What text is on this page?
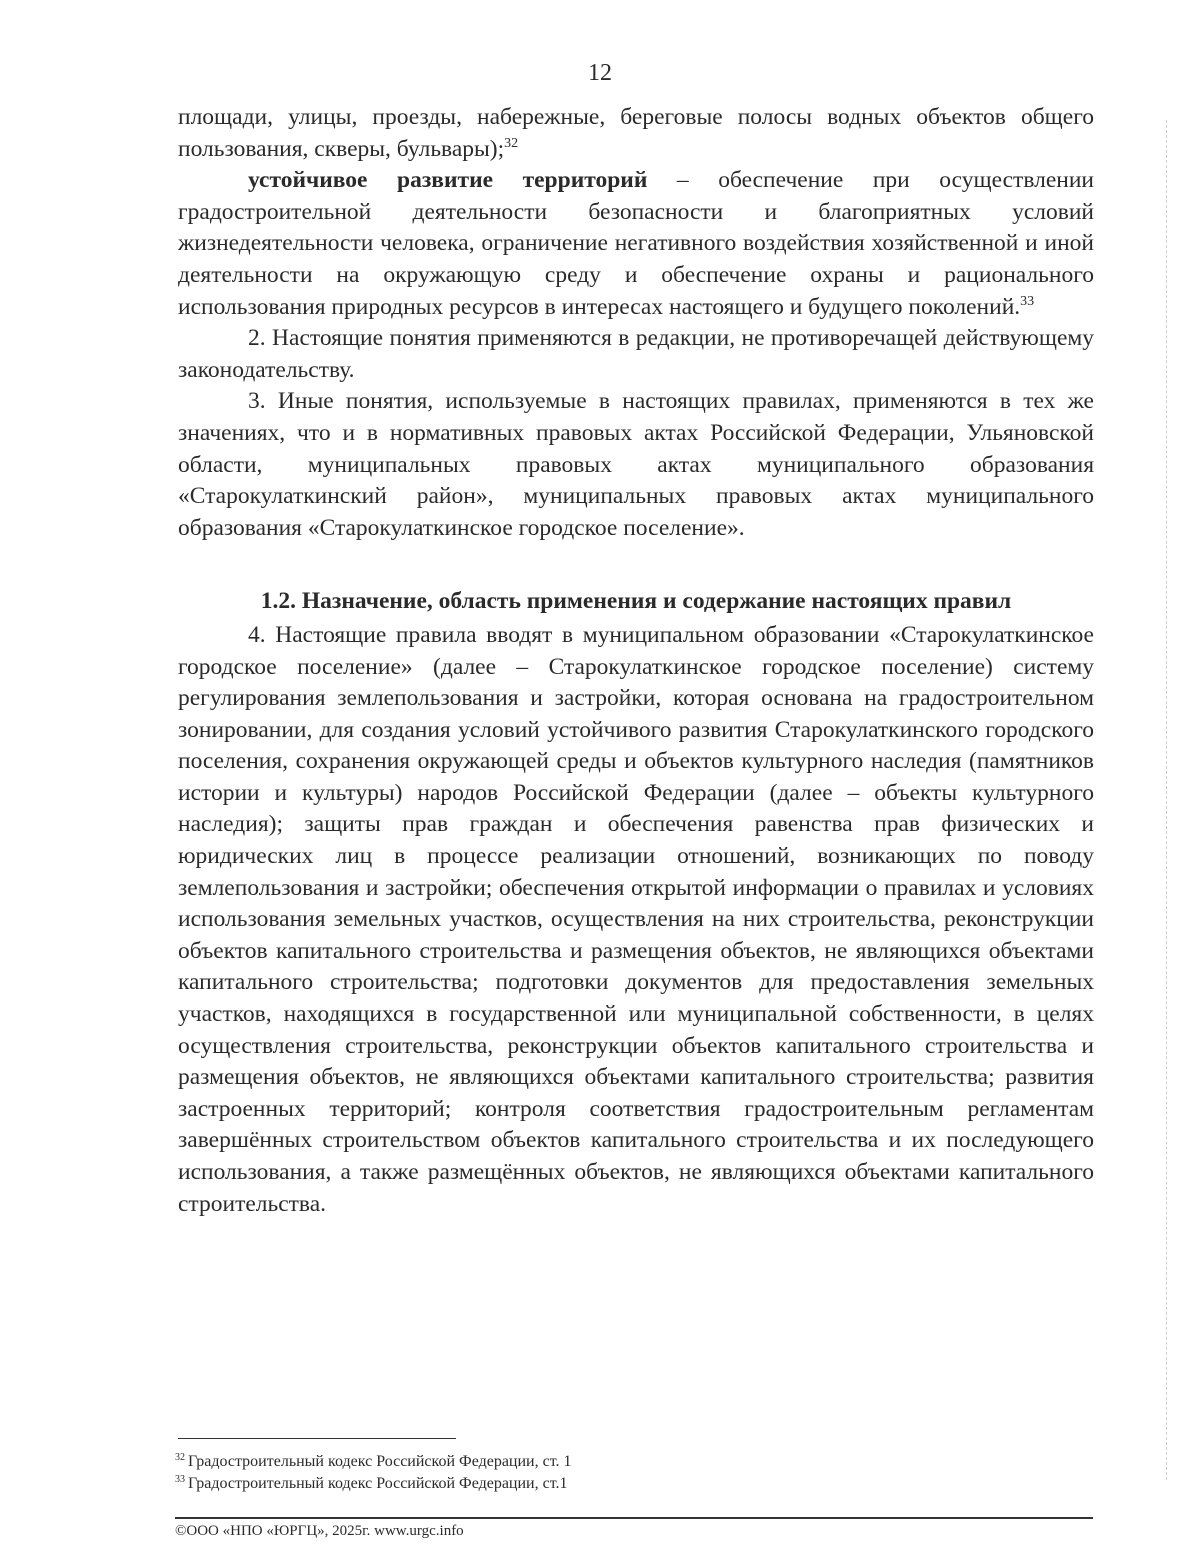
12

площади, улицы, проезды, набережные, береговые полосы водных объектов общего пользования, скверы, бульвары);$^{32}$

устойчивое развитие территорий – обеспечение при осуществлении градостроительной деятельности безопасности и благоприятных условий жизнедеятельности человека, ограничение негативного воздействия хозяйственной и иной деятельности на окружающую среду и обеспечение охраны и рационального использования природных ресурсов в интересах настоящего и будущего поколений.$^{33}$

2. Настоящие понятия применяются в редакции, не противоречащей действующему законодательству.

3. Иные понятия, используемые в настоящих правилах, применяются в тех же значениях, что и в нормативных правовых актах Российской Федерации, Ульяновской области, муниципальных правовых актах муниципального образования «Старокулаткинский район», муниципальных правовых актах муниципального образования «Старокулаткинское городское поселение».

1.2. Назначение, область применения и содержание настоящих правил

4. Настоящие правила вводят в муниципальном образовании «Старокулаткинское городское поселение» (далее – Старокулаткинское городское поселение) систему регулирования землепользования и застройки, которая основана на градостроительном зонировании, для создания условий устойчивого развития Старокулаткинского городского поселения, сохранения окружающей среды и объектов культурного наследия (памятников истории и культуры) народов Российской Федерации (далее – объекты культурного наследия); защиты прав граждан и обеспечения равенства прав физических и юридических лиц в процессе реализации отношений, возникающих по поводу землепользования и застройки; обеспечения открытой информации о правилах и условиях использования земельных участков, осуществления на них строительства, реконструкции объектов капитального строительства и размещения объектов, не являющихся объектами капитального строительства; подготовки документов для предоставления земельных участков, находящихся в государственной или муниципальной собственности, в целях осуществления строительства, реконструкции объектов капитального строительства и размещения объектов, не являющихся объектами капитального строительства; развития застроенных территорий; контроля соответствия градостроительным регламентам завершённых строительством объектов капитального строительства и их последующего использования, а также размещённых объектов, не являющихся объектами капитального строительства.

$^{32}$ Градостроительный кодекс Российской Федерации, ст. 1
$^{33}$ Градостроительный кодекс Российской Федерации, ст.1
©ООО «НПО «ЮРГЦ», 2025г. www.urgc.info
